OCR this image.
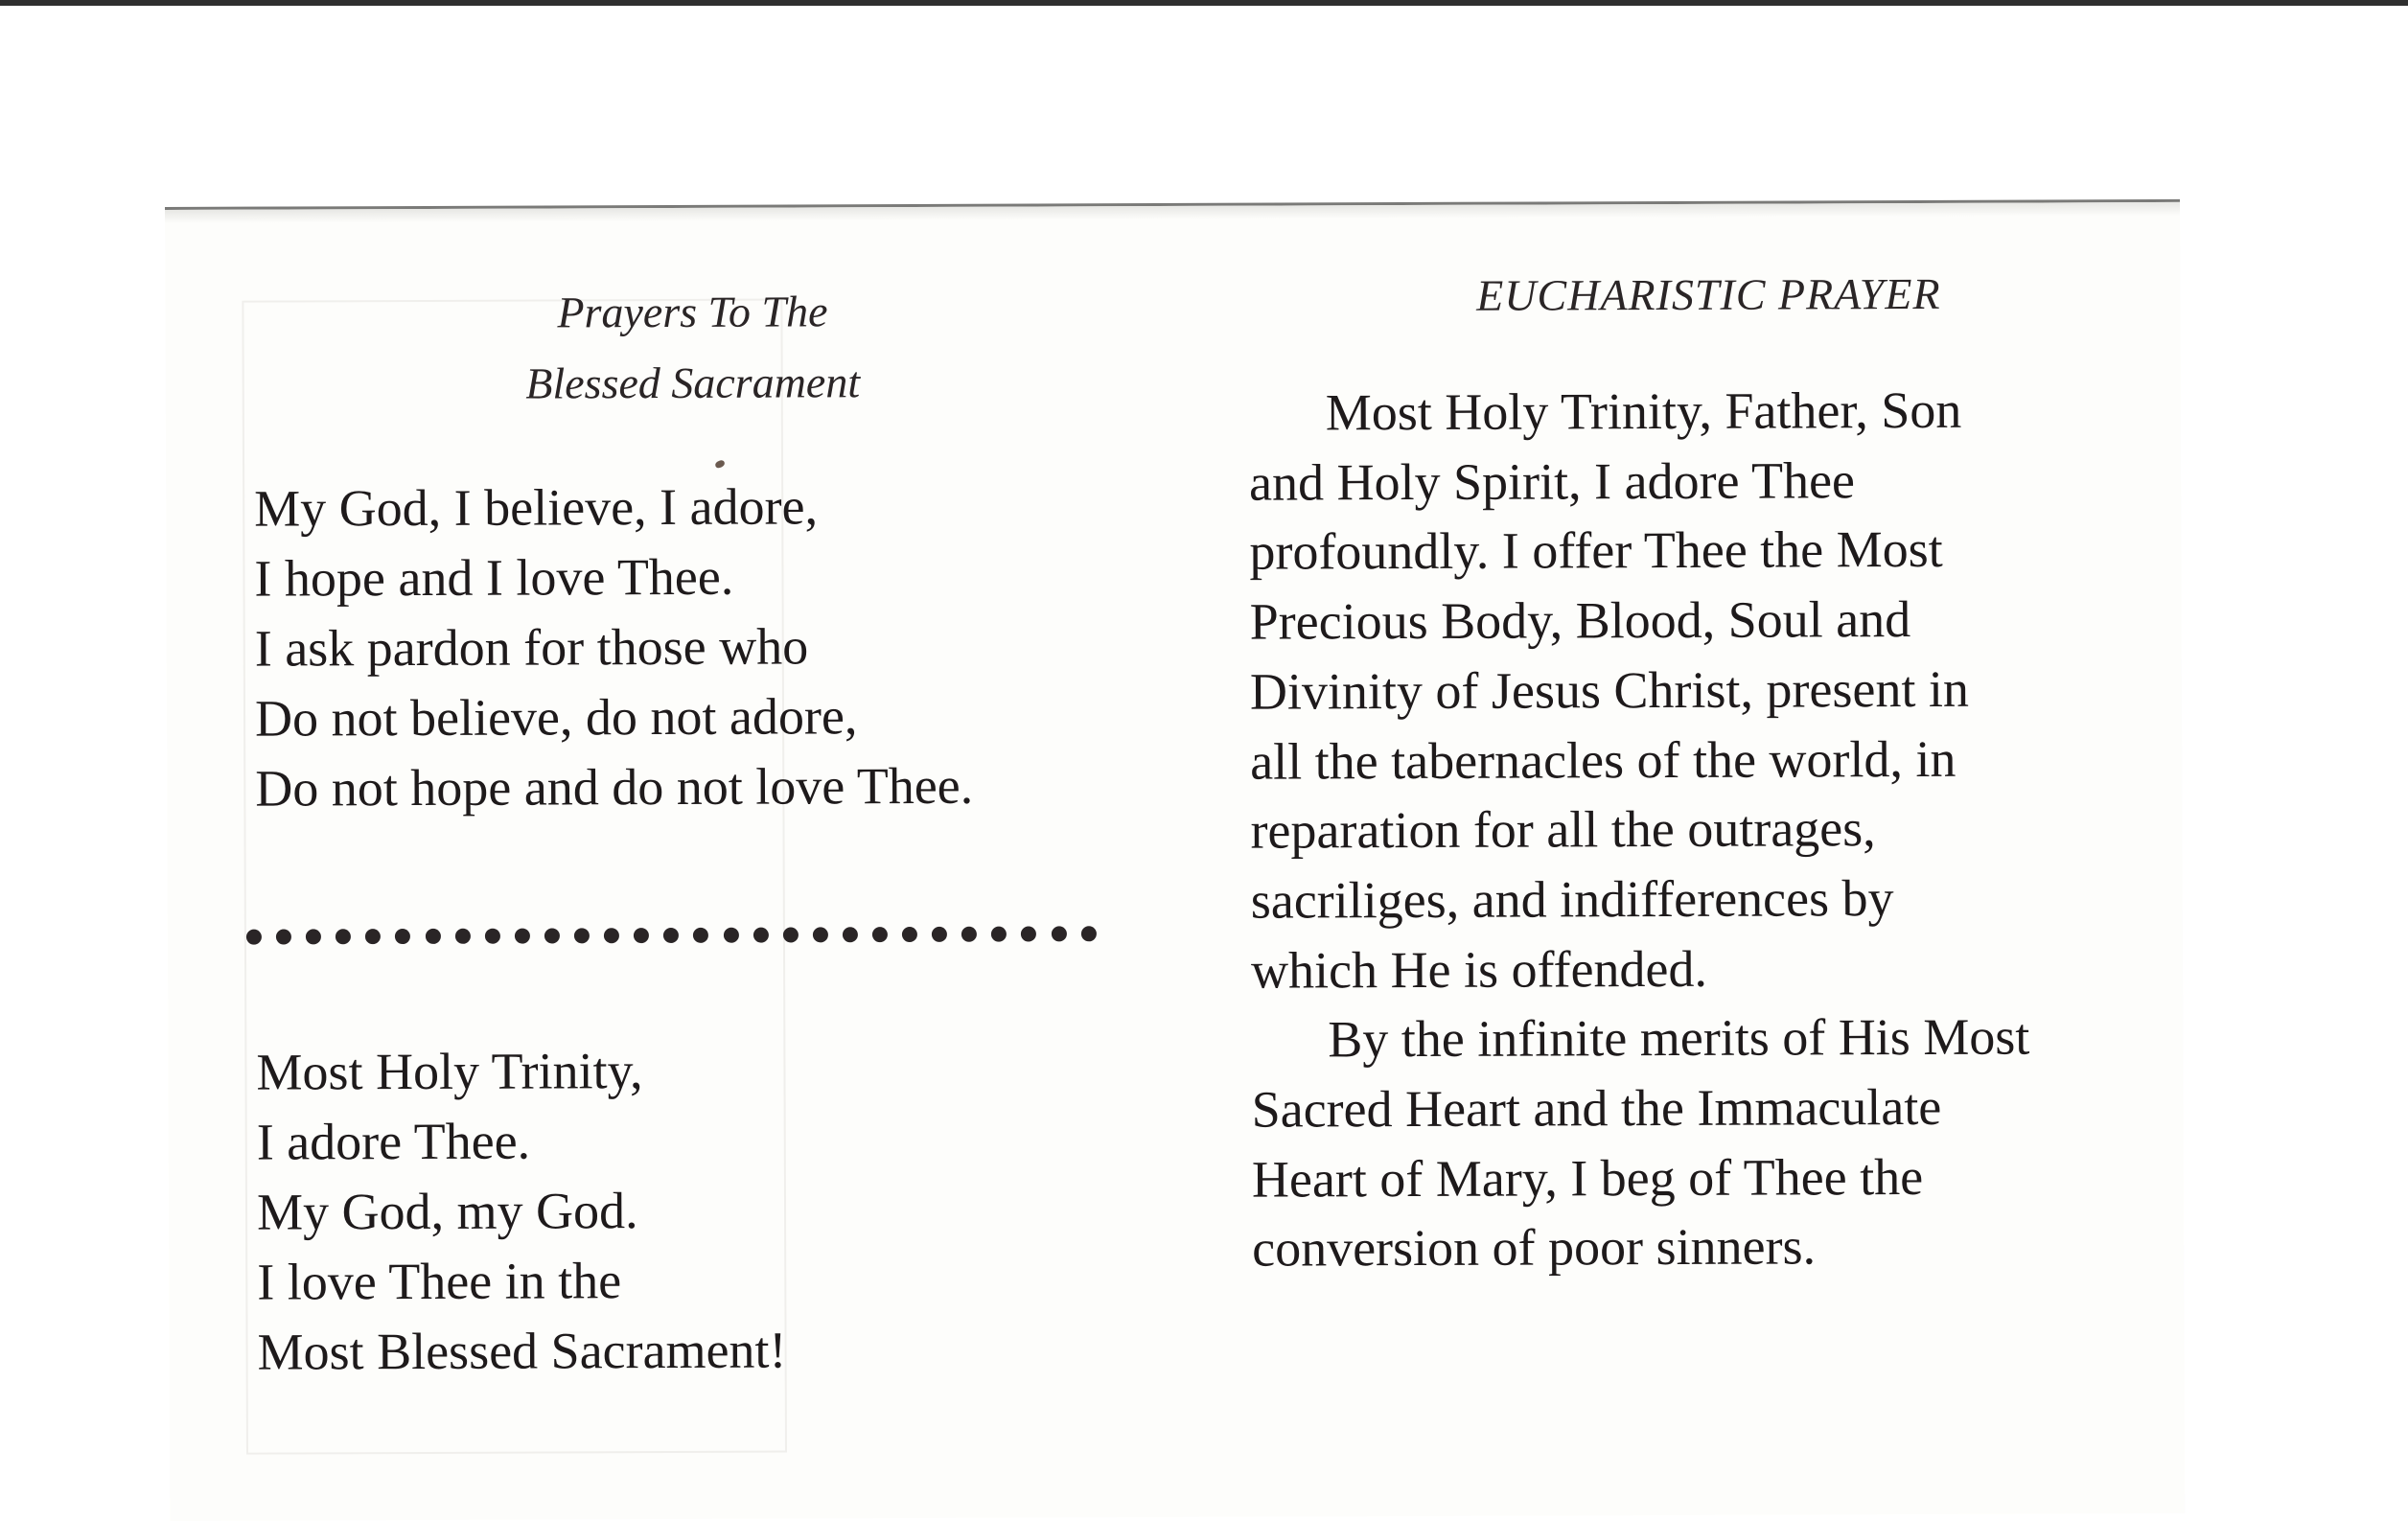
Prayers To The
Blessed Sacrament
My God, I believe, I adore,
I hope and I love Thee.
I ask pardon for those who
Do not believe, do not adore,
Do not hope and do not love Thee.
Most Holy Trinity,
I adore Thee.
My God, my God.
I love Thee in the
Most Blessed Sacrament!
EUCHARISTIC PRAYER
Most Holy Trinity, Father, Son
and Holy Spirit, I adore Thee
profoundly. I offer Thee the Most
Precious Body, Blood, Soul and
Divinity of Jesus Christ, present in
all the tabernacles of the world, in
reparation for all the outrages,
sacriliges, and indifferences by
which He is offended.
By the infinite merits of His Most
Sacred Heart and the Immaculate
Heart of Mary, I beg of Thee the
conversion of poor sinners.
